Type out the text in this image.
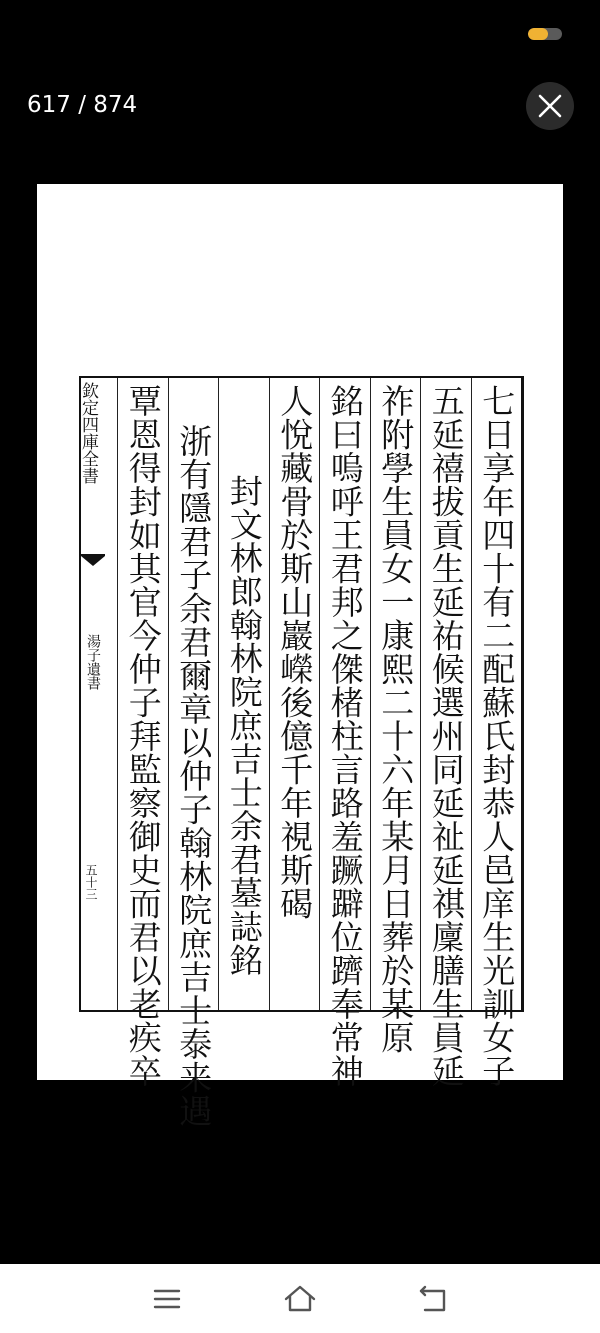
617 / 874
欽定四庫全書
湯子遺書
五十三	七日享年四十有二配蘇氏封恭人邑庠生光訓女子
五延禧拔貢生延祐候選州同延祉延祺廩膳生員延
祚附學生員女一康熙二十六年某月日葬於某原
銘曰嗚呼王君邦之傑楮柱言路羞蹶躃位躋奉常神
人悅藏骨於斯山巖嶸後億千年視斯碣
封文林郎翰林院庶吉士余君墓誌銘
浙有隱君子余君爾章以仲子翰林院庶吉士泰来遇
覃恩得封如其官今仲子拜監察御史而君以老疾卒
